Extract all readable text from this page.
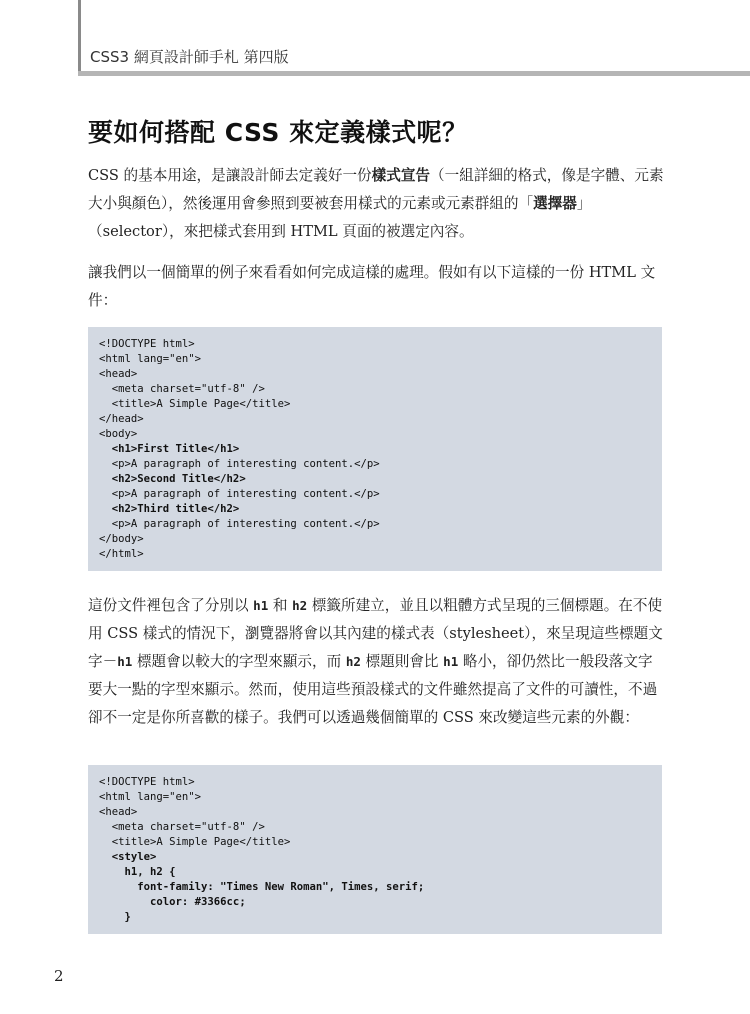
CSS3 網頁設計師手札 第四版
要如何搭配 CSS 來定義樣式呢？
CSS 的基本用途，是讓設計師去定義好一份樣式宣告（一組詳細的格式，像是字體、元素大小與顏色），然後運用會參照到要被套用樣式的元素或元素群組的「選擇器」（selector），來把樣式套用到 HTML 頁面的被選定內容。
讓我們以一個簡單的例子來看看如何完成這樣的處理。假如有以下這樣的一份 HTML 文件：
<!DOCTYPE html>
<html lang="en">
<head>
<meta charset="utf-8" />
<title>A Simple Page</title>
</head>
<body>
<h1>First Title</h1>
<p>A paragraph of interesting content.</p>
<h2>Second Title</h2>
<p>A paragraph of interesting content.</p>
<h2>Third title</h2>
<p>A paragraph of interesting content.</p>
</body>
</html>

這份文件裡包含了分別以 h1 和 h2 標籤所建立，並且以粗體方式呈現的三個標題。在不使用 CSS 樣式的情況下，瀏覽器將會以其內建的樣式表（stylesheet），來呈現這些標題文字－h1 標題會以較大的字型來顯示，而 h2 標題則會比 h1 略小，卻仍然比一般段落文字要大一點的字型來顯示。然而，使用這些預設樣式的文件雖然提高了文件的可讀性，不過卻不一定是你所喜歡的樣子。我們可以透過幾個簡單的 CSS 來改變這些元素的外觀：
<!DOCTYPE html>
<html lang="en">
<head>
<meta charset="utf-8" />
<title>A Simple Page</title>
<style>
h1, h2 {
font-family: "Times New Roman", Times, serif;
color: #3366cc;
}

2
